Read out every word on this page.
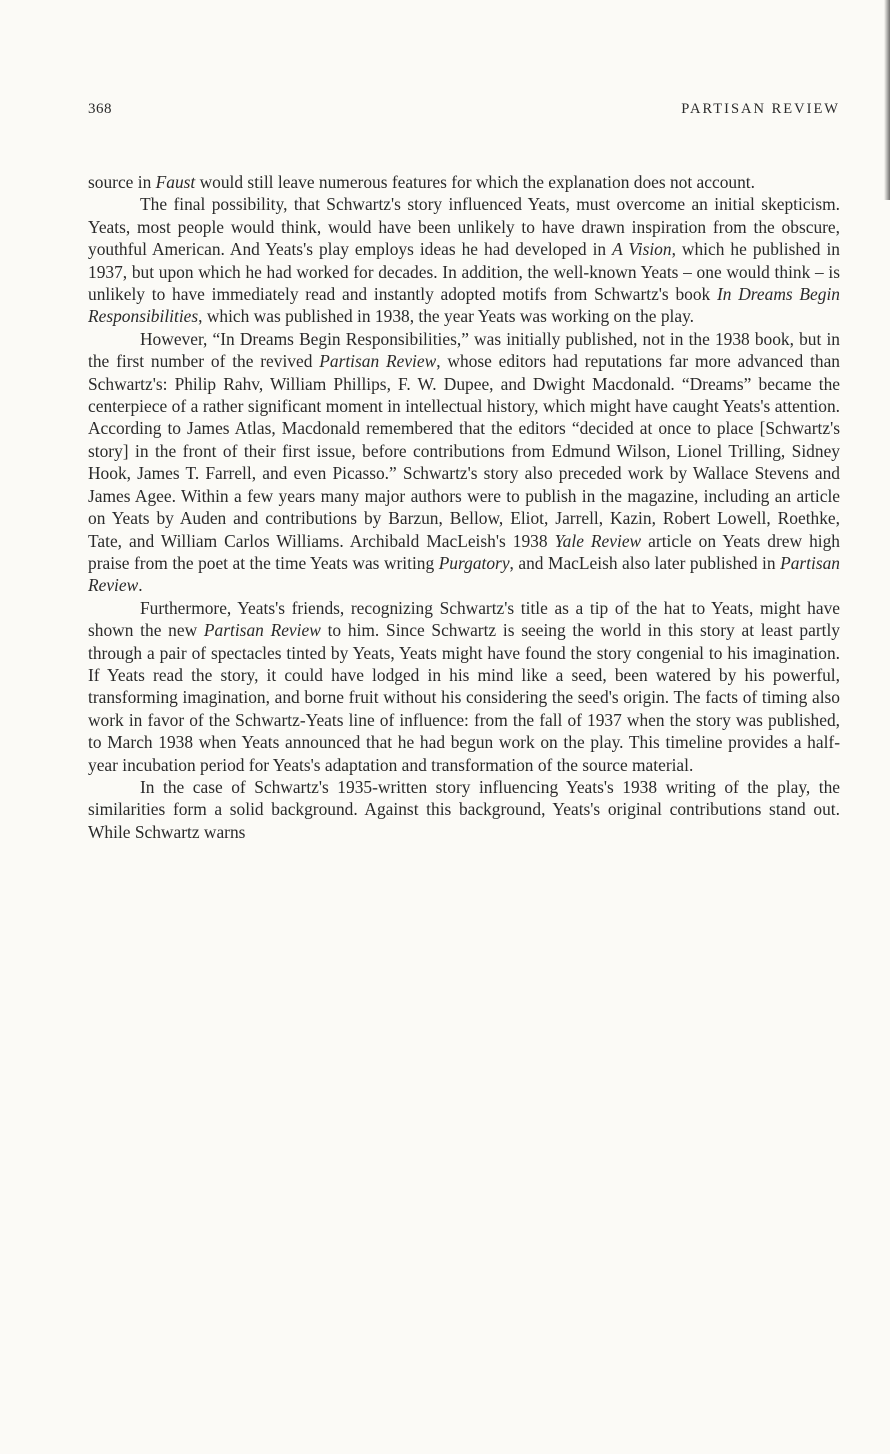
368	PARTISAN REVIEW

source in Faust would still leave numerous features for which the explanation does not account.

The final possibility, that Schwartz's story influenced Yeats, must overcome an initial skepticism. Yeats, most people would think, would have been unlikely to have drawn inspiration from the obscure, youthful American. And Yeats's play employs ideas he had developed in A Vision, which he published in 1937, but upon which he had worked for decades. In addition, the well-known Yeats – one would think – is unlikely to have immediately read and instantly adopted motifs from Schwartz's book In Dreams Begin Responsibilities, which was published in 1938, the year Yeats was working on the play.

However, “In Dreams Begin Responsibilities,” was initially published, not in the 1938 book, but in the first number of the revived Partisan Review, whose editors had reputations far more advanced than Schwartz's: Philip Rahv, William Phillips, F. W. Dupee, and Dwight Macdonald. “Dreams” became the centerpiece of a rather significant moment in intellectual history, which might have caught Yeats's attention. According to James Atlas, Macdonald remembered that the editors “decided at once to place [Schwartz's story] in the front of their first issue, before contributions from Edmund Wilson, Lionel Trilling, Sidney Hook, James T. Farrell, and even Picasso.” Schwartz's story also preceded work by Wallace Stevens and James Agee. Within a few years many major authors were to publish in the magazine, including an article on Yeats by Auden and contributions by Barzun, Bellow, Eliot, Jarrell, Kazin, Robert Lowell, Roethke, Tate, and William Carlos Williams. Archibald MacLeish's 1938 Yale Review article on Yeats drew high praise from the poet at the time Yeats was writing Purgatory, and MacLeish also later published in Partisan Review.

Furthermore, Yeats's friends, recognizing Schwartz's title as a tip of the hat to Yeats, might have shown the new Partisan Review to him. Since Schwartz is seeing the world in this story at least partly through a pair of spectacles tinted by Yeats, Yeats might have found the story congenial to his imagination. If Yeats read the story, it could have lodged in his mind like a seed, been watered by his powerful, transforming imagination, and borne fruit without his considering the seed's origin. The facts of timing also work in favor of the Schwartz-Yeats line of influence: from the fall of 1937 when the story was published, to March 1938 when Yeats announced that he had begun work on the play. This timeline provides a half-year incubation period for Yeats's adaptation and transformation of the source material.

In the case of Schwartz's 1935-written story influencing Yeats's 1938 writing of the play, the similarities form a solid background. Against this background, Yeats's original contributions stand out. While Schwartz warns
